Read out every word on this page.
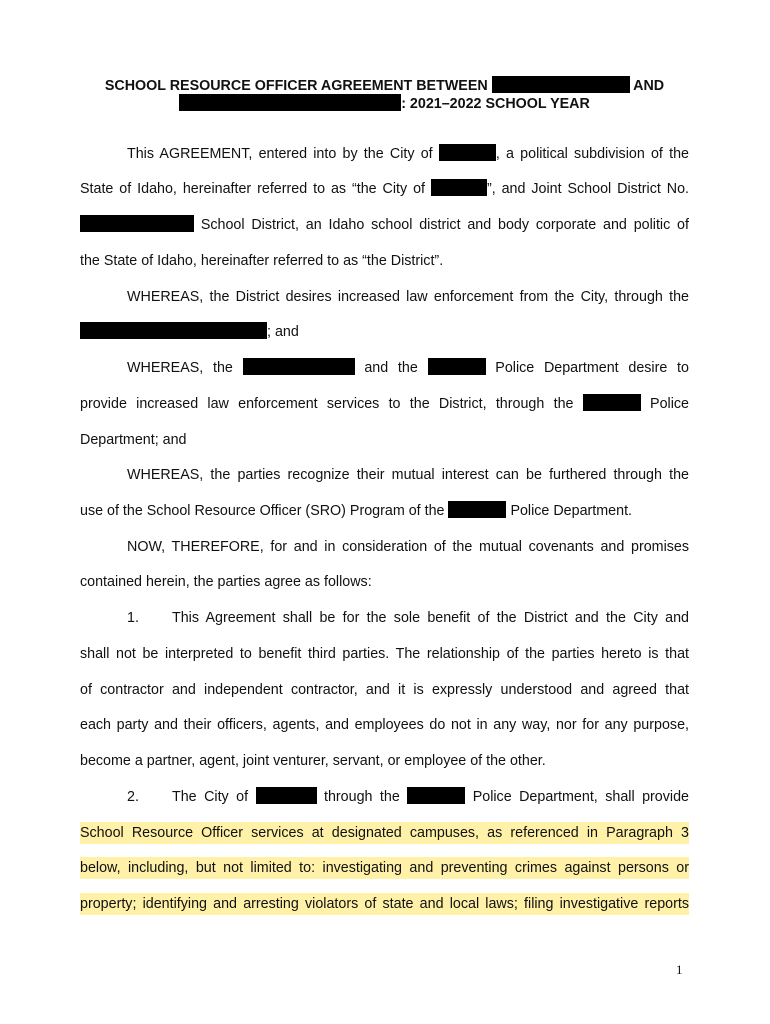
SCHOOL RESOURCE OFFICER AGREEMENT BETWEEN	AND
: 2021–2022 SCHOOL YEAR
This AGREEMENT, entered into by the City of	, a political subdivision of the
State of Idaho, hereinafter referred to as “the City of	”, and Joint School District No.
School District, an Idaho school district and body corporate and politic of
the State of Idaho, hereinafter referred to as “the District”.
WHEREAS, the District desires increased law enforcement from the City, through the
; and
WHEREAS, the	and the	Police Department desire to
provide increased law enforcement services to the District, through the	Police
Department; and
WHEREAS, the parties recognize their mutual interest can be furthered through the
use of the School Resource Officer (SRO) Program of the	Police Department.
NOW, THEREFORE, for and in consideration of the mutual covenants and promises
contained herein, the parties agree as follows:
1.	This Agreement shall be for the sole benefit of the District and the City and
shall not be interpreted to benefit third parties. The relationship of the parties hereto is that
of contractor and independent contractor, and it is expressly understood and agreed that
each party and their officers, agents, and employees do not in any way, nor for any purpose,
become a partner, agent, joint venturer, servant, or employee of the other.
2.	The City of	through the	Police Department, shall provide
School Resource Officer services at designated campuses, as referenced in Paragraph 3
below, including, but not limited to: investigating and preventing crimes against persons or
property; identifying and arresting violators of state and local laws; filing investigative reports
1
